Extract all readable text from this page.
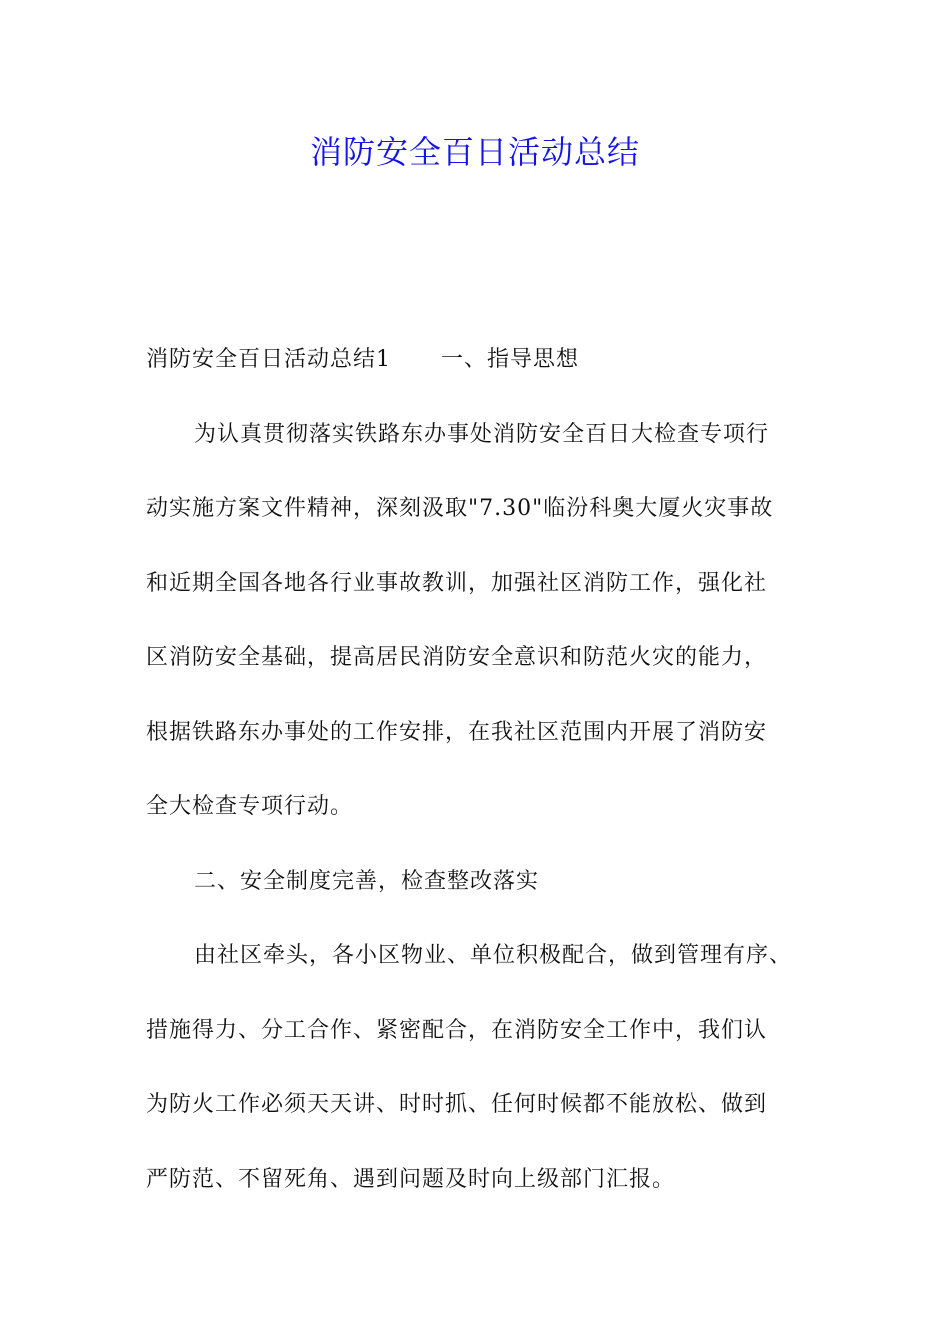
消防安全百日活动总结
消防安全百日活动总结1 一、指导思想
为认真贯彻落实铁路东办事处消防安全百日大检查专项行
动实施方案文件精神，深刻汲取"7.30"临汾科奥大厦火灾事故
和近期全国各地各行业事故教训，加强社区消防工作，强化社
区消防安全基础，提高居民消防安全意识和防范火灾的能力，
根据铁路东办事处的工作安排，在我社区范围内开展了消防安
全大检查专项行动。
二、安全制度完善，检查整改落实
由社区牵头，各小区物业、单位积极配合，做到管理有序、
措施得力、分工合作、紧密配合，在消防安全工作中，我们认
为防火工作必须天天讲、时时抓、任何时候都不能放松、做到
严防范、不留死角、遇到问题及时向上级部门汇报。
